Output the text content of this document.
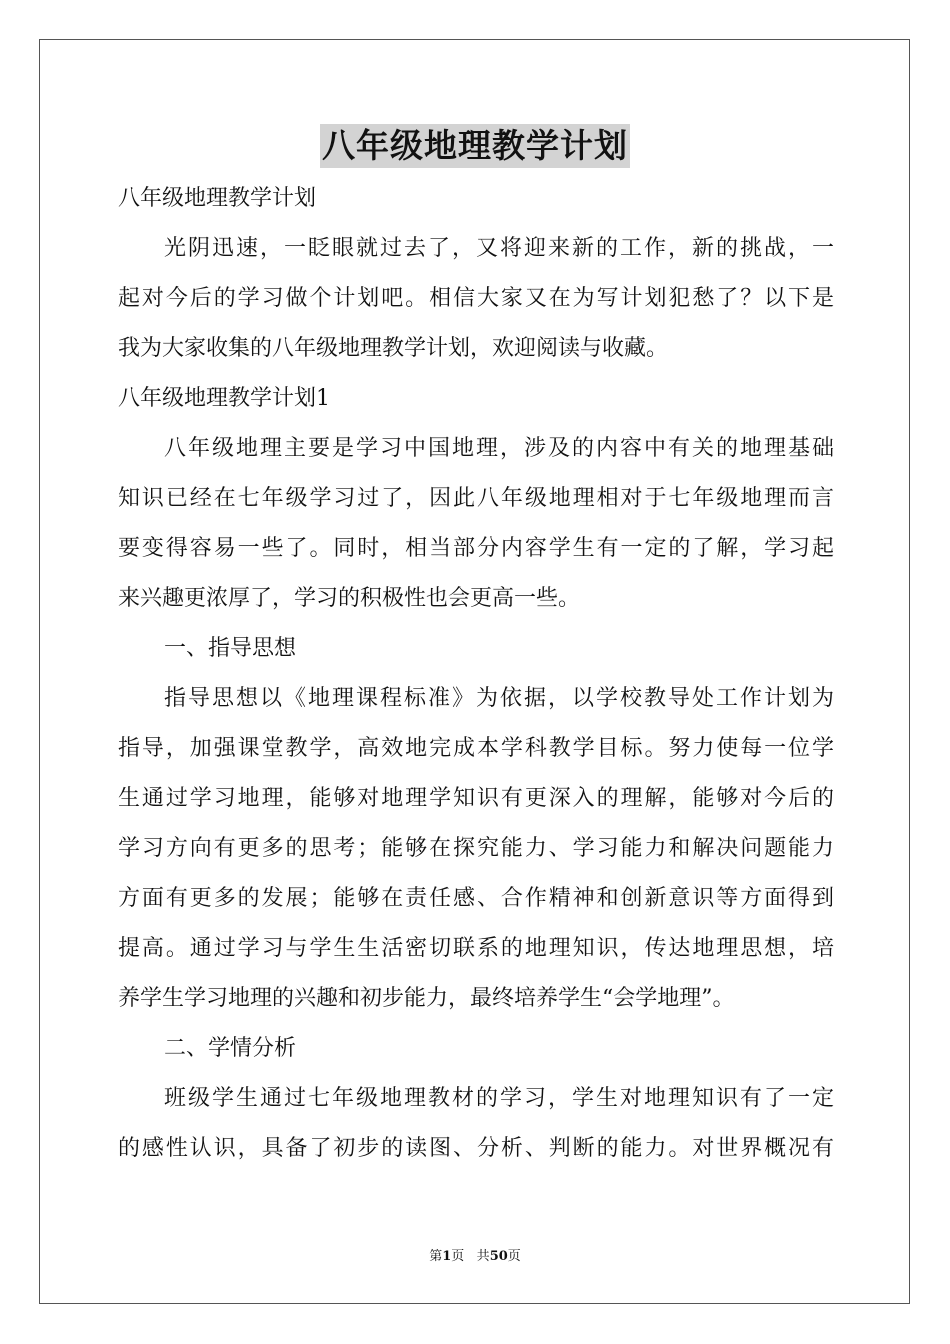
八年级地理教学计划
八年级地理教学计划
光阴迅速，一眨眼就过去了，又将迎来新的工作，新的挑战，一
起对今后的学习做个计划吧。相信大家又在为写计划犯愁了？以下是
我为大家收集的八年级地理教学计划，欢迎阅读与收藏。
八年级地理教学计划1
八年级地理主要是学习中国地理，涉及的内容中有关的地理基础
知识已经在七年级学习过了，因此八年级地理相对于七年级地理而言
要变得容易一些了。同时，相当部分内容学生有一定的了解，学习起
来兴趣更浓厚了，学习的积极性也会更高一些。
一、指导思想
指导思想以《地理课程标准》为依据，以学校教导处工作计划为
指导，加强课堂教学，高效地完成本学科教学目标。努力使每一位学
生通过学习地理，能够对地理学知识有更深入的理解，能够对今后的
学习方向有更多的思考；能够在探究能力、学习能力和解决问题能力
方面有更多的发展；能够在责任感、合作精神和创新意识等方面得到
提高。通过学习与学生生活密切联系的地理知识，传达地理思想，培
养学生学习地理的兴趣和初步能力，最终培养学生“会学地理”。
二、学情分析
班级学生通过七年级地理教材的学习，学生对地理知识有了一定
的感性认识，具备了初步的读图、分析、判断的能力。对世界概况有
第1页 共50页
